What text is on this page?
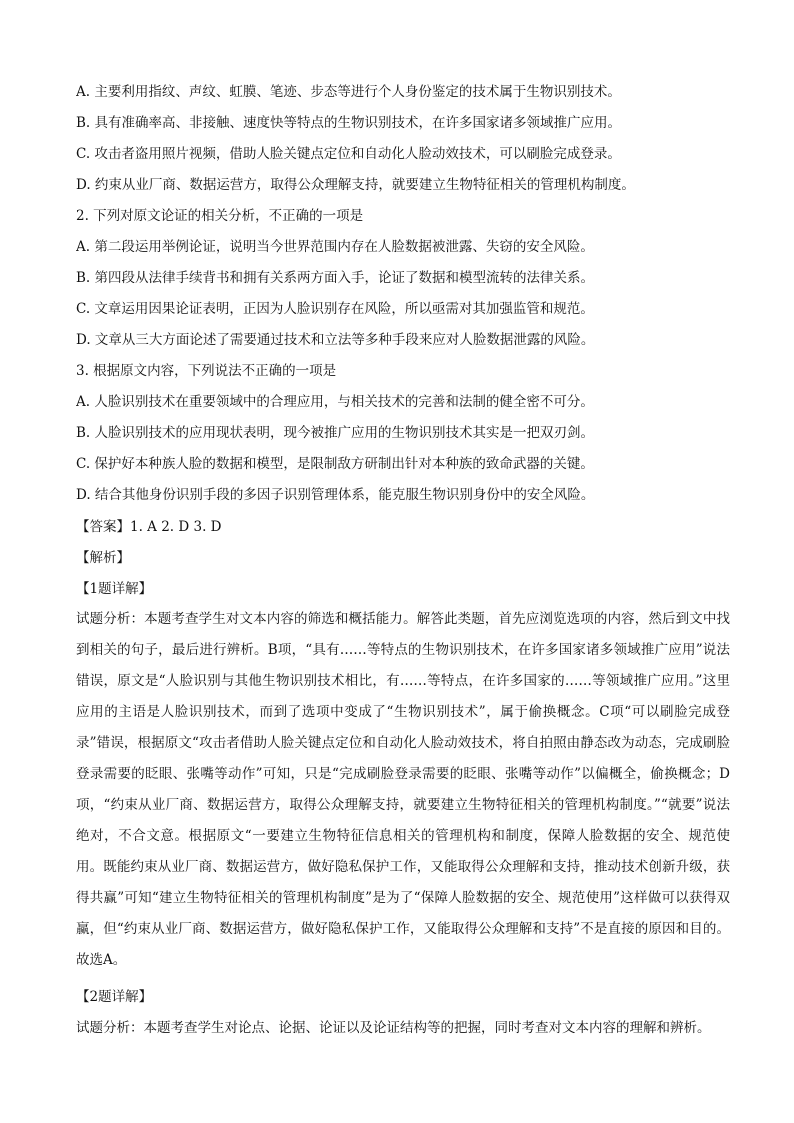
A. 主要利用指纹、声纹、虹膜、笔迹、步态等进行个人身份鉴定的技术属于生物识别技术。
B. 具有准确率高、非接触、速度快等特点的生物识别技术，在许多国家诸多领域推广应用。
C. 攻击者盗用照片视频，借助人脸关键点定位和自动化人脸动效技术，可以刷脸完成登录。
D. 约束从业厂商、数据运营方，取得公众理解支持，就要建立生物特征相关的管理机构制度。
2. 下列对原文论证的相关分析，不正确的一项是
A. 第二段运用举例论证，说明当今世界范围内存在人脸数据被泄露、失窃的安全风险。
B. 第四段从法律手续背书和拥有关系两方面入手，论证了数据和模型流转的法律关系。
C. 文章运用因果论证表明，正因为人脸识别存在风险，所以亟需对其加强监管和规范。
D. 文章从三大方面论述了需要通过技术和立法等多种手段来应对人脸数据泄露的风险。
3. 根据原文内容，下列说法不正确的一项是
A. 人脸识别技术在重要领域中的合理应用，与相关技术的完善和法制的健全密不可分。
B. 人脸识别技术的应用现状表明，现今被推广应用的生物识别技术其实是一把双刃剑。
C. 保护好本种族人脸的数据和模型，是限制敌方研制出针对本种族的致命武器的关键。
D. 结合其他身份识别手段的多因子识别管理体系，能克服生物识别身份中的安全风险。
【答案】1. A 2. D 3. D
【解析】
【1题详解】
试题分析：本题考查学生对文本内容的筛选和概括能力。解答此类题，首先应浏览选项的内容，然后到文中找到相关的句子，最后进行辨析。B项，“具有……等特点的生物识别技术，在许多国家诸多领域推广应用”说法错误，原文是“人脸识别与其他生物识别技术相比，有……等特点，在许多国家的……等领域推广应用。”这里应用的主语是人脸识别技术，而到了选项中变成了“生物识别技术”，属于偷换概念。C项“可以刷脸完成登录”错误，根据原文“攻击者借助人脸关键点定位和自动化人脸动效技术，将自拍照由静态改为动态，完成刷脸登录需要的眨眼、张嘴等动作”可知，只是“完成刷脸登录需要的眨眼、张嘴等动作”以偏概全，偷换概念；D项，“约束从业厂商、数据运营方，取得公众理解支持，就要建立生物特征相关的管理机构制度。”“就要”说法绝对，不合文意。根据原文“一要建立生物特征信息相关的管理机构和制度，保障人脸数据的安全、规范使用。既能约束从业厂商、数据运营方，做好隐私保护工作，又能取得公众理解和支持，推动技术创新升级，获得共赢”可知“建立生物特征相关的管理机构制度”是为了“保障人脸数据的安全、规范使用”这样做可以获得双赢，但“约束从业厂商、数据运营方，做好隐私保护工作，又能取得公众理解和支持”不是直接的原因和目的。故选A。
【2题详解】
试题分析：本题考查学生对论点、论据、论证以及论证结构等的把握，同时考查对文本内容的理解和辨析。
